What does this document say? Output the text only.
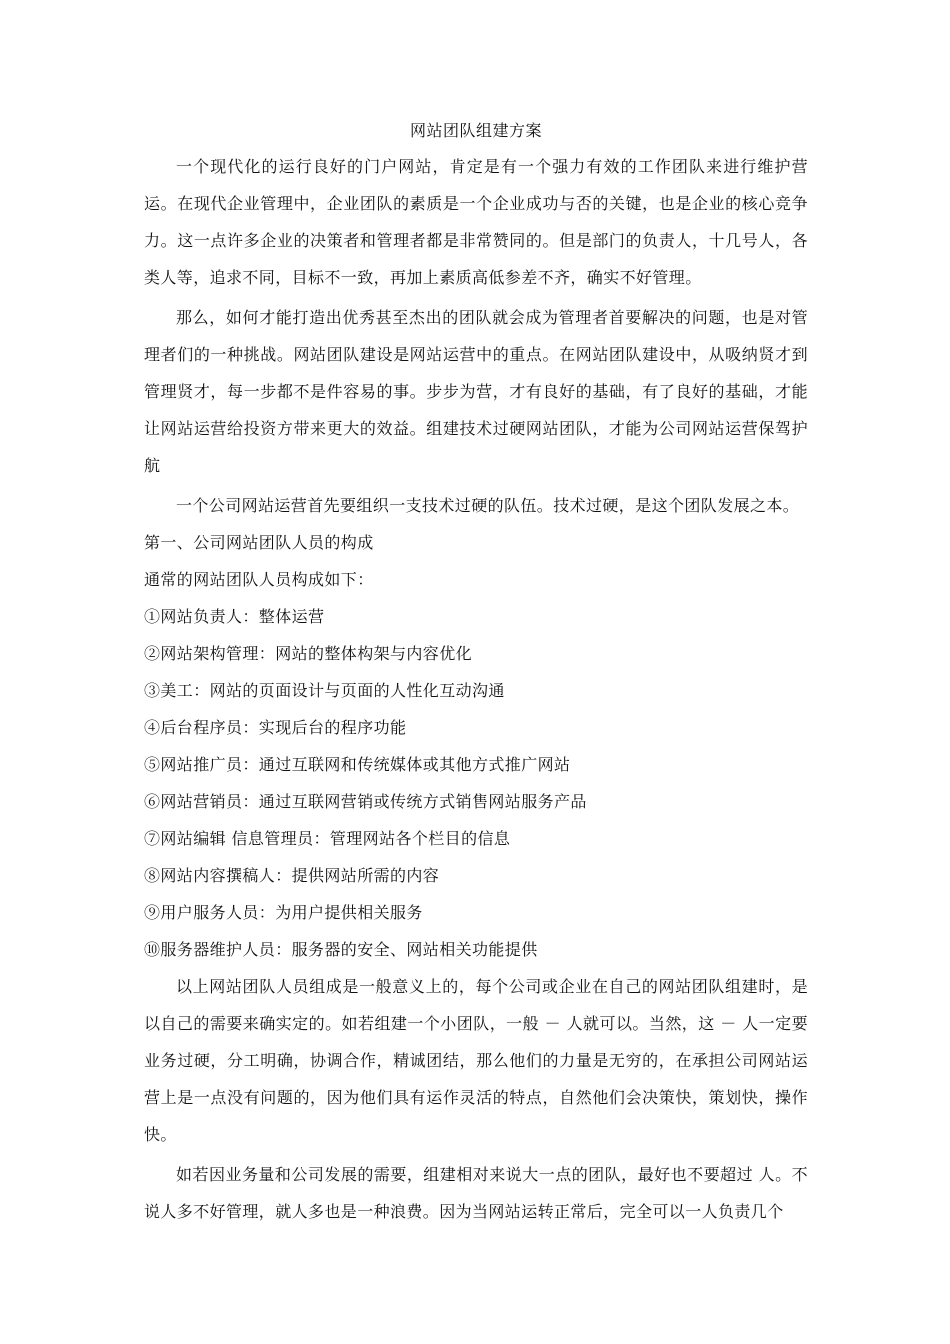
网站团队组建方案

一个现代化的运行良好的门户网站，肯定是有一个强力有效的工作团队来进行维护营运。在现代企业管理中，企业团队的素质是一个企业成功与否的关键，也是企业的核心竞争力。这一点许多企业的决策者和管理者都是非常赞同的。但是部门的负责人，十几号人，各类人等，追求不同，目标不一致，再加上素质高低参差不齐，确实不好管理。

那么，如何才能打造出优秀甚至杰出的团队就会成为管理者首要解决的问题，也是对管理者们的一种挑战。网站团队建设是网站运营中的重点。在网站团队建设中，从吸纳贤才到管理贤才，每一步都不是件容易的事。步步为营，才有良好的基础，有了良好的基础，才能让网站运营给投资方带来更大的效益。组建技术过硬网站团队，才能为公司网站运营保驾护航

一个公司网站运营首先要组织一支技术过硬的队伍。技术过硬，是这个团队发展之本。

第一、公司网站团队人员的构成
通常的网站团队人员构成如下：
①网站负责人：整体运营
②网站架构管理：网站的整体构架与内容优化
③美工：网站的页面设计与页面的人性化互动沟通
④后台程序员：实现后台的程序功能
⑤网站推广员：通过互联网和传统媒体或其他方式推广网站
⑥网站营销员：通过互联网营销或传统方式销售网站服务产品
⑦网站编辑 信息管理员：管理网站各个栏目的信息
⑧网站内容撰稿人：提供网站所需的内容
⑨用户服务人员：为用户提供相关服务
⑩服务器维护人员：服务器的安全、网站相关功能提供

以上网站团队人员组成是一般意义上的，每个公司或企业在自己的网站团队组建时，是以自己的需要来确实定的。如若组建一个小团队，一般 － 人就可以。当然，这 － 人一定要业务过硬，分工明确，协调合作，精诚团结，那么他们的力量是无穷的，在承担公司网站运营上是一点没有问题的，因为他们具有运作灵活的特点，自然他们会决策快，策划快，操作快。

如若因业务量和公司发展的需要，组建相对来说大一点的团队，最好也不要超过 人。不说人多不好管理，就人多也是一种浪费。因为当网站运转正常后，完全可以一人负责几个
